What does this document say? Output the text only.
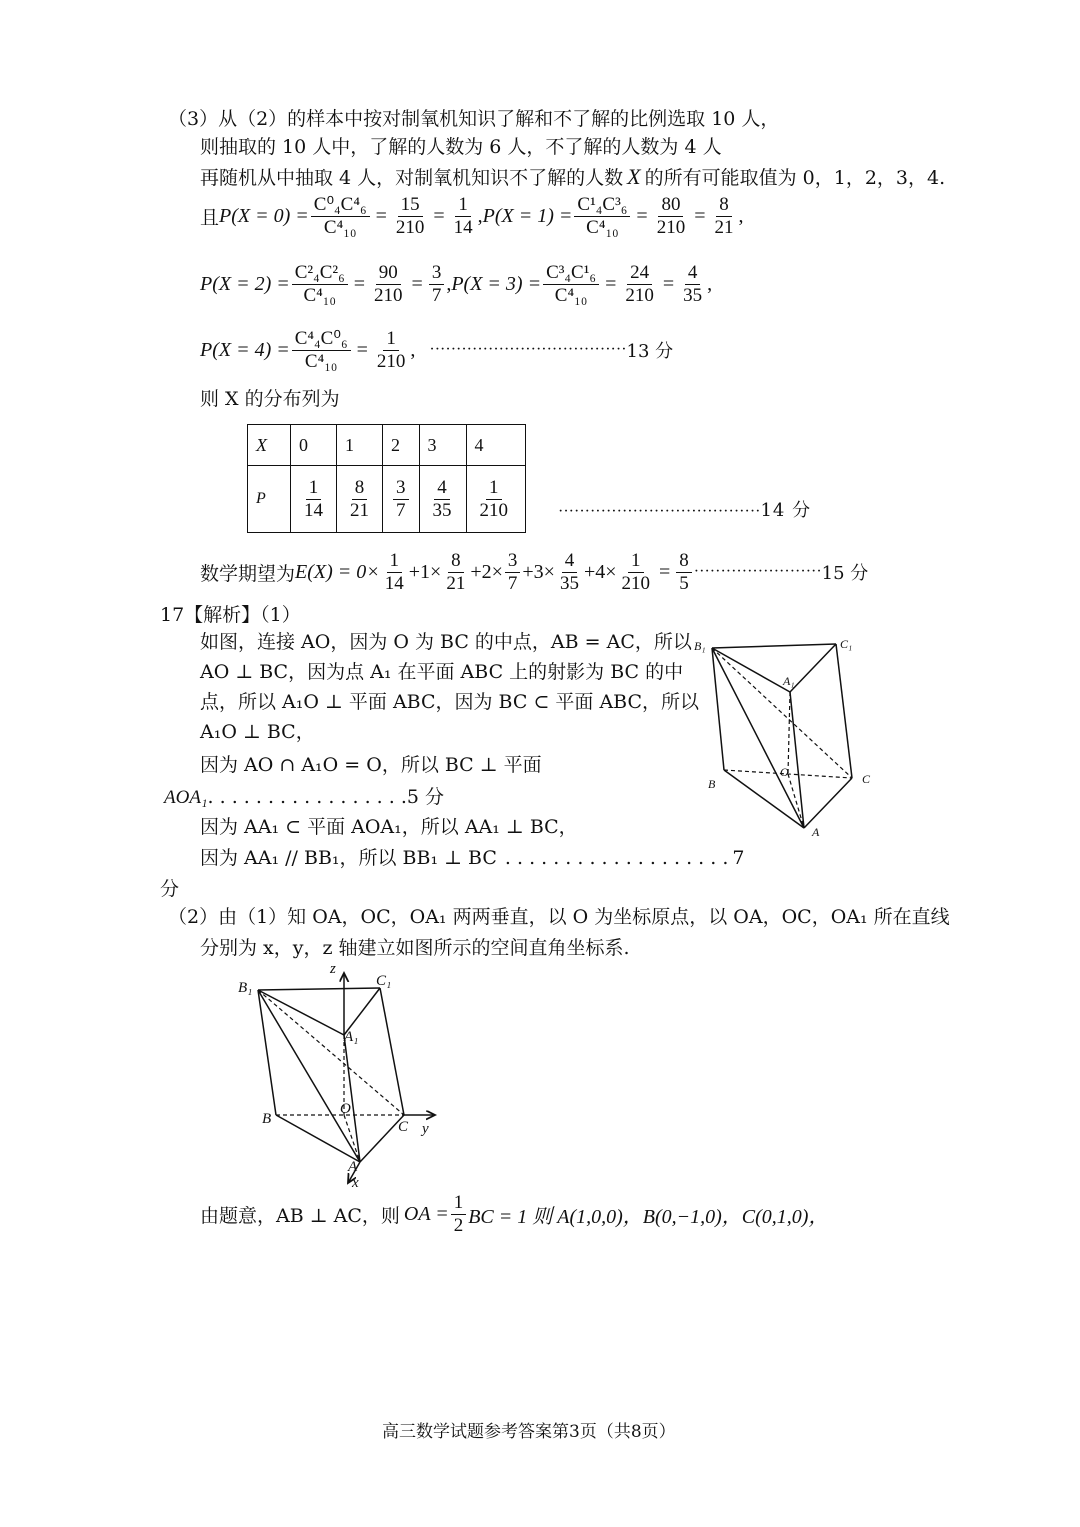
（3）从（2）的样本中按对制氧机知识了解和不了解的比例选取 10 人，
则抽取的 10 人中，了解的人数为 6 人，不了解的人数为 4 人
再随机从中抽取 4 人，对制氧机知识不了解的人数 X 的所有可能取值为 0，1，2，3，4.
且 $P(X = 0) = \frac{\text{C⁰₄C⁴₆}}{\text{C⁴₁₀}} = \frac{15}{210} = \frac{1}{14}$ , $P(X = 1) = \frac{\text{C¹₄C³₆}}{\text{C⁴₁₀}} = \frac{80}{210} = \frac{8}{21}$ ,
$P(X = 2) = \frac{\text{C²₄C²₆}}{\text{C⁴₁₀}} = \frac{90}{210} = \frac{3}{7}$ , $P(X = 3) = \frac{\text{C³₄C¹₆}}{\text{C⁴₁₀}} = \frac{24}{210} = \frac{4}{35}$ ,
$P(X = 4) = \frac{\text{C⁴₄C⁰₆}}{\text{C⁴₁₀}} = \frac{1}{210}$ , ····································· 13 分
则 X 的分布列为
X	0	1	2	3	4
P	$\frac{1}{14}$	$\frac{8}{21}$	$\frac{3}{7}$	$\frac{4}{35}$	$\frac{1}{210}$	······································14 分
数学期望为 $E(X) = 0\times \frac{1}{14} +1\times \frac{8}{21} +2\times \frac{3}{7} +3\times \frac{4}{35} +4\times \frac{1}{210} = \frac{8}{5}$ ························ 15 分
17【解析】（1）
如图，连接 AO，因为 O 为 BC 的中点，AB = AC，所以
AO ⊥ BC，因为点 A₁ 在平面 ABC 上的射影为 BC 的中
点，所以 A₁O ⊥ 平面 ABC，因为 BC ⊂ 平面 ABC，所以
A₁O ⊥ BC，
因为 AO ∩ A₁O = O，所以 BC ⊥ 平面
AOA₁. . . . . . . . . . . . . . . . .5 分
因为 AA₁ ⊂ 平面 AOA₁，所以 AA₁ ⊥ BC，
因为 AA₁ // BB₁，所以 BB₁ ⊥ BC . . . . . . . . . . . . . . . . . . . 7
分
B₁	C₁
A₁
B
O	C
A
（2）由（1）知 OA，OC，OA₁ 两两垂直，以 O 为坐标原点，以 OA，OC，OA₁ 所在直线
分别为 x，y，z 轴建立如图所示的空间直角坐标系.
B₁	C₁
A₁
B
O
C
A
z
y
x
由题意，AB ⊥ AC，则 OA = $\frac{1}{2}$ BC = 1 则 A(1,0,0)，B(0,−1,0)，C(0,1,0)，
高三数学试题参考答案第3页（共8页）
